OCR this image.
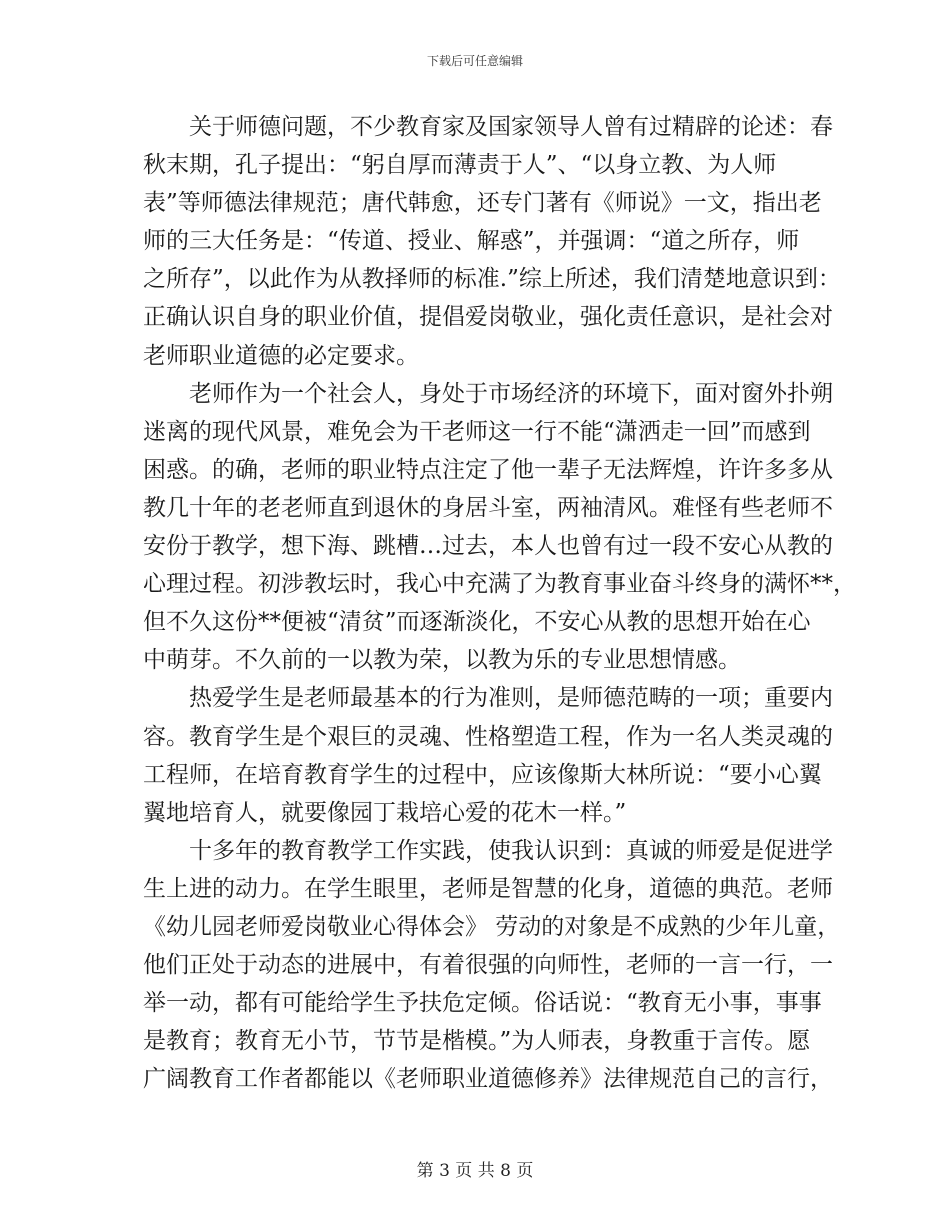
下载后可任意编辑
关于师德问题，不少教育家及国家领导人曾有过精辟的论述：春
秋末期，孔子提出：“躬自厚而薄责于人”、“以身立教、为人师
表”等师德法律规范；唐代韩愈，还专门著有《师说》一文，指出老
师的三大任务是：“传道、授业、解惑”，并强调：“道之所存，师
之所存”，以此作为从教择师的标准.”综上所述，我们清楚地意识到：
正确认识自身的职业价值，提倡爱岗敬业，强化责任意识，是社会对
老师职业道德的必定要求。
老师作为一个社会人，身处于市场经济的环境下，面对窗外扑朔
迷离的现代风景，难免会为干老师这一行不能“潇洒走一回”而感到
困惑。的确，老师的职业特点注定了他一辈子无法辉煌，许许多多从
教几十年的老老师直到退休的身居斗室，两袖清风。难怪有些老师不
安份于教学，想下海、跳槽…过去，本人也曾有过一段不安心从教的
心理过程。初涉教坛时，我心中充满了为教育事业奋斗终身的满怀**，
但不久这份**便被“清贫”而逐渐淡化，不安心从教的思想开始在心
中萌芽。不久前的一以教为荣，以教为乐的专业思想情感。
热爱学生是老师最基本的行为准则，是师德范畴的一项；重要内
容。教育学生是个艰巨的灵魂、性格塑造工程，作为一名人类灵魂的
工程师，在培育教育学生的过程中，应该像斯大林所说：“要小心翼
翼地培育人，就要像园丁栽培心爱的花木一样。”
十多年的教育教学工作实践，使我认识到：真诚的师爱是促进学
生上进的动力。在学生眼里，老师是智慧的化身，道德的典范。老师
《幼儿园老师爱岗敬业心得体会》 劳动的对象是不成熟的少年儿童，
他们正处于动态的进展中，有着很强的向师性，老师的一言一行，一
举一动，都有可能给学生予扶危定倾。俗话说：“教育无小事，事事
是教育；教育无小节，节节是楷模。”为人师表，身教重于言传。愿
广阔教育工作者都能以《老师职业道德修养》法律规范自己的言行，
第 3 页 共 8 页
